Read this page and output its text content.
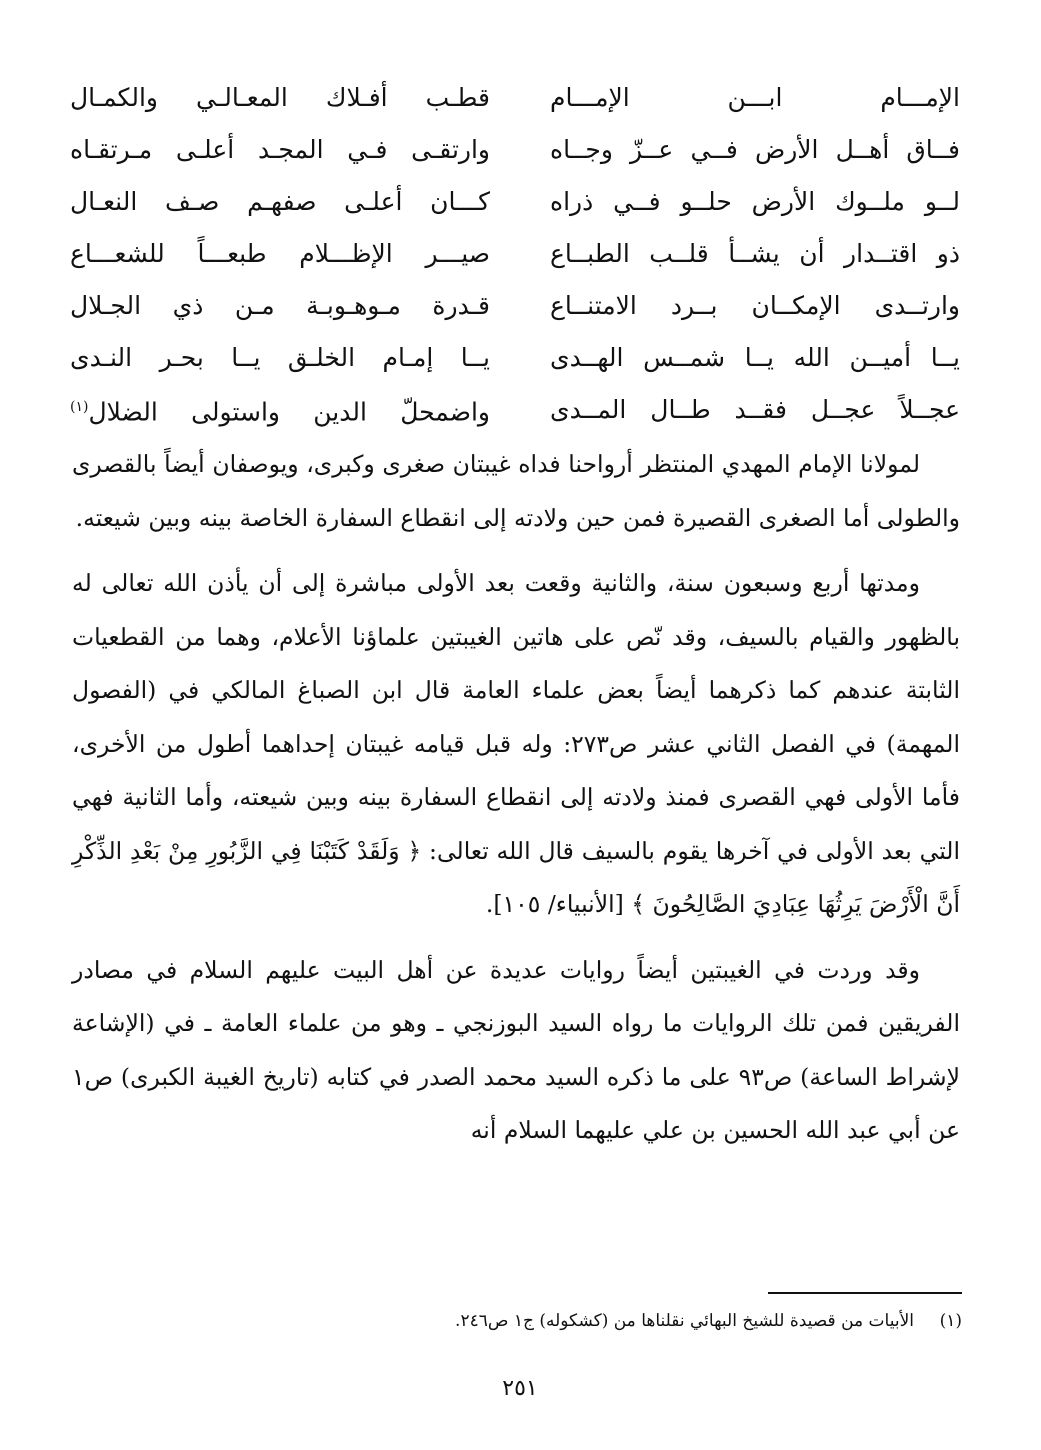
الإمـــام ابـــن الإمـــام
قطـب أفـلاك المعـالـي والكمـال
فــاق أهــل الأرض فــي عــزّ وجــاه
وارتقـى فـي المجـد أعلـى مـرتقـاه
لــو ملــوك الأرض حلــو فــي ذراه
كـــان أعلـى صفهـم صـف النعـال
ذو اقتــدار أن يشــأ قلــب الطبــاع
صيـــر الإظـــلام طبعـــاً للشعـــاع
وارتــدى الإمكــان بــرد الامتنــاع
قـدرة مـوهـوبـة مـن ذي الجـلال
يــا أميــن الله يــا شمــس الهــدى
يــا إمـام الخلـق يــا بحـر النـدى
عجــلاً عجــل فقــد طــال المــدى
واضمحلّ الدين واستولى الضلال$^{(١)}$

لمولانا الإمام المهدي المنتظر أرواحنا فداه غيبتان صغرى وكبرى، ويوصفان أيضاً بالقصرى والطولى أما الصغرى القصيرة فمن حين ولادته إلى انقطاع السفارة الخاصة بينه وبين شيعته.

ومدتها أربع وسبعون سنة، والثانية وقعت بعد الأولى مباشرة إلى أن يأذن الله تعالى له بالظهور والقيام بالسيف، وقد نّص على هاتين الغيبتين علماؤنا الأعلام، وهما من القطعيات الثابتة عندهم كما ذكرهما أيضاً بعض علماء العامة قال ابن الصباغ المالكي في (الفصول المهمة) في الفصل الثاني عشر ص٢٧٣: وله قبل قيامه غيبتان إحداهما أطول من الأخرى، فأما الأولى فهي القصرى فمنذ ولادته إلى انقطاع السفارة بينه وبين شيعته، وأما الثانية فهي التي بعد الأولى في آخرها يقوم بالسيف قال الله تعالى: ﴿ وَلَقَدْ كَتَبْنَا فِي الزَّبُورِ مِنْ بَعْدِ الذِّكْرِ أَنَّ الْأَرْضَ يَرِثُهَا عِبَادِيَ الصَّالِحُونَ ﴾ [الأنبياء/ ١٠٥].

وقد وردت في الغيبتين أيضاً روايات عديدة عن أهل البيت عليهم السلام في مصادر الفريقين فمن تلك الروايات ما رواه السيد البوزنجي ـ وهو من علماء العامة ـ في (الإشاعة لإشراط الساعة) ص٩٣ على ما ذكره السيد محمد الصدر في كتابه (تاريخ الغيبة الكبرى) ص١ عن أبي عبد الله الحسين بن علي عليهما السلام أنه

(١)الأبيات من قصيدة للشيخ البهائي نقلناها من (كشكوله) ج١ ص٢٤٦.
٢٥١
